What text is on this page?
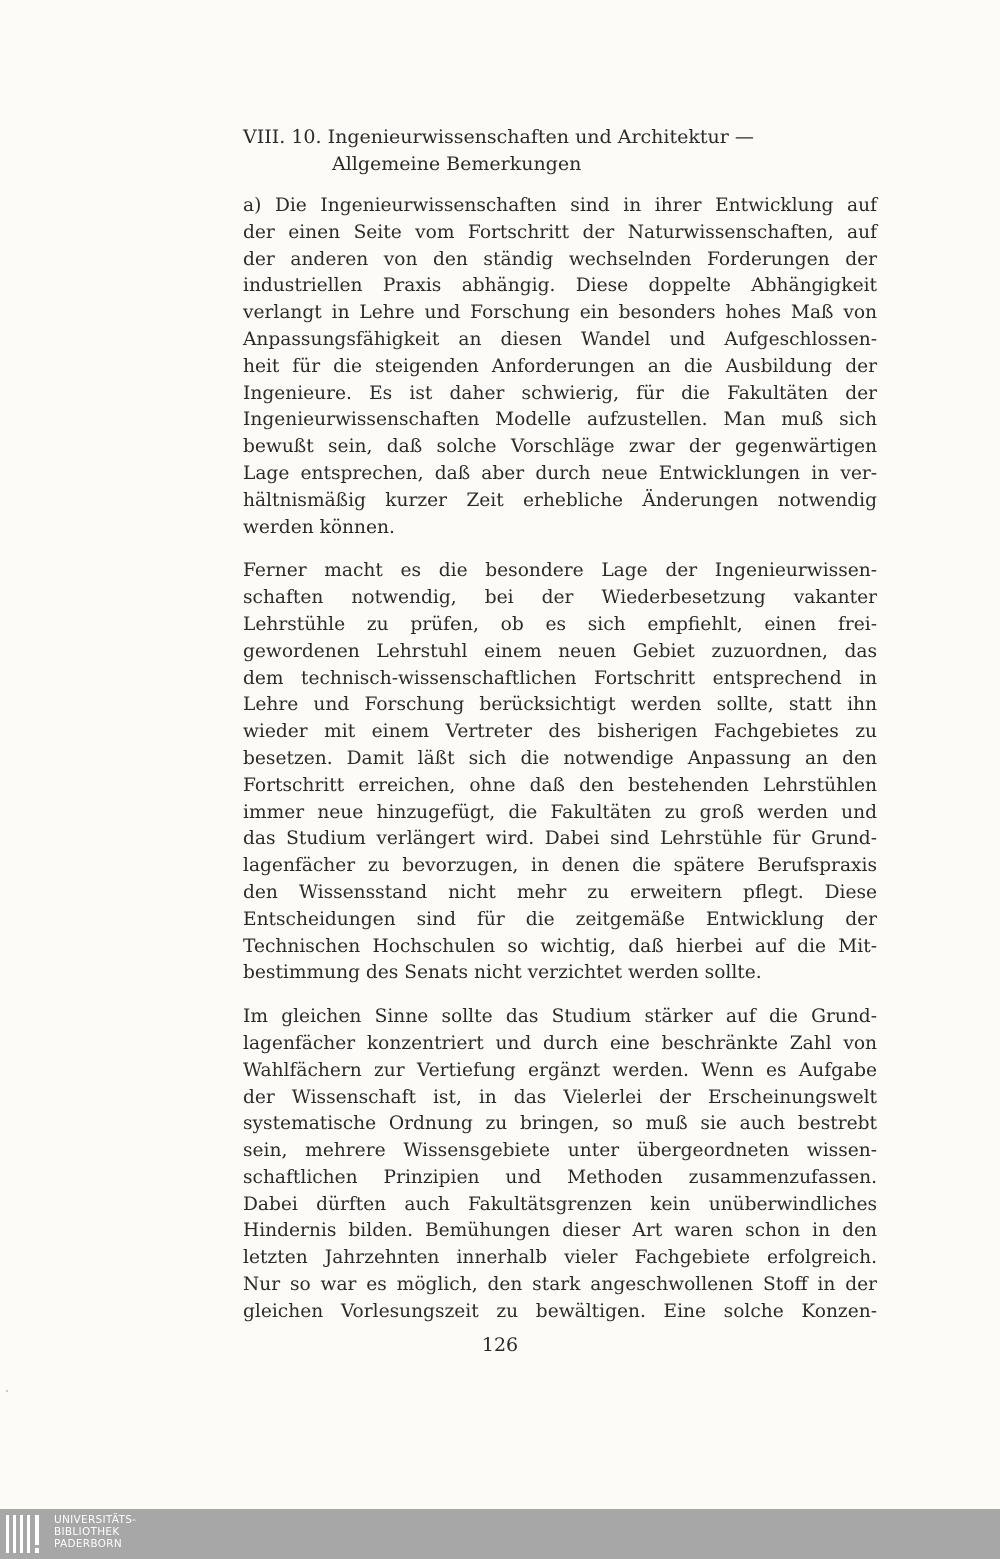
VIII. 10. Ingenieurwissenschaften und Architektur —
Allgemeine Bemerkungen
a) Die Ingenieurwissenschaften sind in ihrer Entwicklung auf
der einen Seite vom Fortschritt der Naturwissenschaften, auf
der anderen von den ständig wechselnden Forderungen der
industriellen Praxis abhängig. Diese doppelte Abhängigkeit
verlangt in Lehre und Forschung ein besonders hohes Maß von
Anpassungsfähigkeit an diesen Wandel und Aufgeschlossen-
heit für die steigenden Anforderungen an die Ausbildung der
Ingenieure. Es ist daher schwierig, für die Fakultäten der
Ingenieurwissenschaften Modelle aufzustellen. Man muß sich
bewußt sein, daß solche Vorschläge zwar der gegenwärtigen
Lage entsprechen, daß aber durch neue Entwicklungen in ver-
hältnismäßig kurzer Zeit erhebliche Änderungen notwendig
werden können.
Ferner macht es die besondere Lage der Ingenieurwissen-
schaften notwendig, bei der Wiederbesetzung vakanter
Lehrstühle zu prüfen, ob es sich empfiehlt, einen frei-
gewordenen Lehrstuhl einem neuen Gebiet zuzuordnen, das
dem technisch-wissenschaftlichen Fortschritt entsprechend in
Lehre und Forschung berücksichtigt werden sollte, statt ihn
wieder mit einem Vertreter des bisherigen Fachgebietes zu
besetzen. Damit läßt sich die notwendige Anpassung an den
Fortschritt erreichen, ohne daß den bestehenden Lehrstühlen
immer neue hinzugefügt, die Fakultäten zu groß werden und
das Studium verlängert wird. Dabei sind Lehrstühle für Grund-
lagenfächer zu bevorzugen, in denen die spätere Berufspraxis
den Wissensstand nicht mehr zu erweitern pflegt. Diese
Entscheidungen sind für die zeitgemäße Entwicklung der
Technischen Hochschulen so wichtig, daß hierbei auf die Mit-
bestimmung des Senats nicht verzichtet werden sollte.
Im gleichen Sinne sollte das Studium stärker auf die Grund-
lagenfächer konzentriert und durch eine beschränkte Zahl von
Wahlfächern zur Vertiefung ergänzt werden. Wenn es Aufgabe
der Wissenschaft ist, in das Vielerlei der Erscheinungswelt
systematische Ordnung zu bringen, so muß sie auch bestrebt
sein, mehrere Wissensgebiete unter übergeordneten wissen-
schaftlichen Prinzipien und Methoden zusammenzufassen.
Dabei dürften auch Fakultätsgrenzen kein unüberwindliches
Hindernis bilden. Bemühungen dieser Art waren schon in den
letzten Jahrzehnten innerhalb vieler Fachgebiete erfolgreich.
Nur so war es möglich, den stark angeschwollenen Stoff in der
gleichen Vorlesungszeit zu bewältigen. Eine solche Konzen-
126
UNIVERSITÄTS-
BIBLIOTHEK
PADERBORN
